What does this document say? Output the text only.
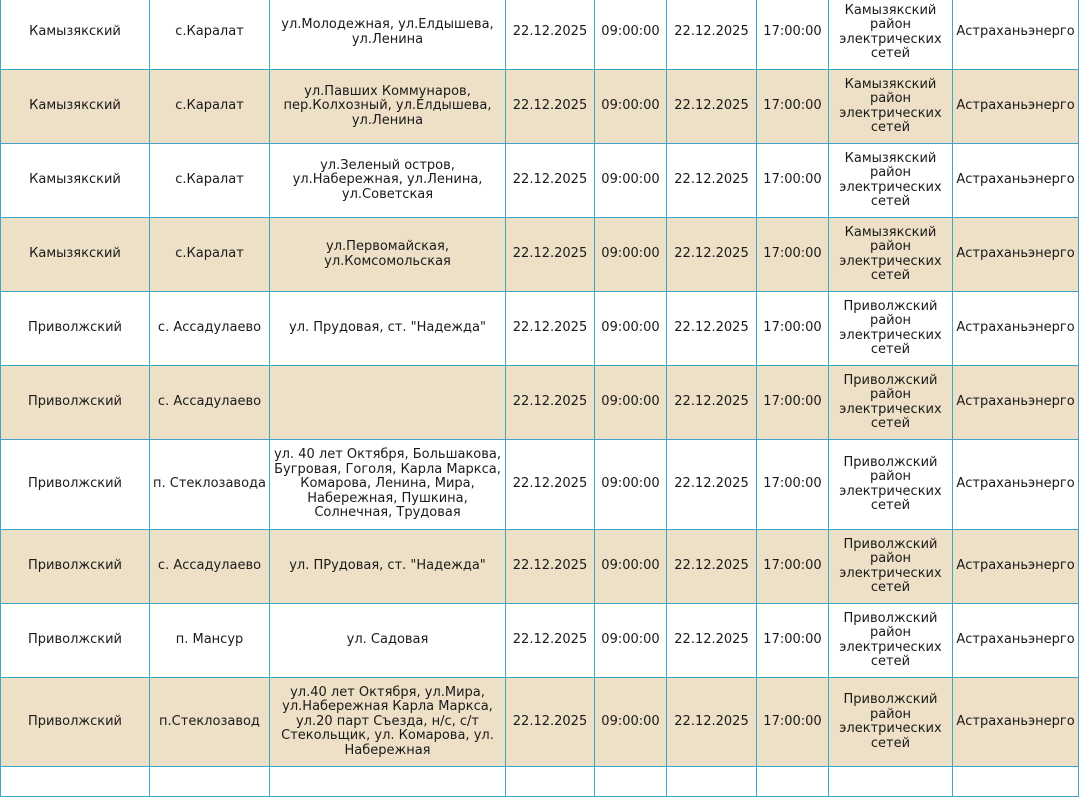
Камызякский	с.Каралат	ул.Молодежная, ул.Елдышева, ул.Ленина	22.12.2025	09:00:00	22.12.2025	17:00:00	Камызякский район электрических сетей	Астраханьэнерго
Камызякский	с.Каралат	ул.Павших Коммунаров, пер.Колхозный, ул.Елдышева, ул.Ленина	22.12.2025	09:00:00	22.12.2025	17:00:00	Камызякский район электрических сетей	Астраханьэнерго
Камызякский	с.Каралат	ул.Зеленый остров, ул.Набережная, ул.Ленина, ул.Советская	22.12.2025	09:00:00	22.12.2025	17:00:00	Камызякский район электрических сетей	Астраханьэнерго
Камызякский	с.Каралат	ул.Первомайская, ул.Комсомольская	22.12.2025	09:00:00	22.12.2025	17:00:00	Камызякский район электрических сетей	Астраханьэнерго
Приволжский	с. Ассадулаево	ул. Прудовая, ст. "Надежда"	22.12.2025	09:00:00	22.12.2025	17:00:00	Приволжский район электрических сетей	Астраханьэнерго
Приволжский	с. Ассадулаево		22.12.2025	09:00:00	22.12.2025	17:00:00	Приволжский район электрических сетей	Астраханьэнерго
Приволжский	п. Стеклозавода	ул. 40 лет Октября, Большакова, Бугровая, Гоголя, Карла Маркса, Комарова, Ленина, Мира, Набережная, Пушкина, Солнечная, Трудовая	22.12.2025	09:00:00	22.12.2025	17:00:00	Приволжский район электрических сетей	Астраханьэнерго
Приволжский	с. Ассадулаево	ул. ПРудовая, ст. "Надежда"	22.12.2025	09:00:00	22.12.2025	17:00:00	Приволжский район электрических сетей	Астраханьэнерго
Приволжский	п. Мансур	ул. Садовая	22.12.2025	09:00:00	22.12.2025	17:00:00	Приволжский район электрических сетей	Астраханьэнерго
Приволжский	п.Стеклозавод	ул.40 лет Октября, ул.Мира, ул.Набережная Карла Маркса, ул.20 парт Съезда, н/с, с/т Стекольщик, ул. Комарова, ул. Набережная	22.12.2025	09:00:00	22.12.2025	17:00:00	Приволжский район электрических сетей	Астраханьэнерго
